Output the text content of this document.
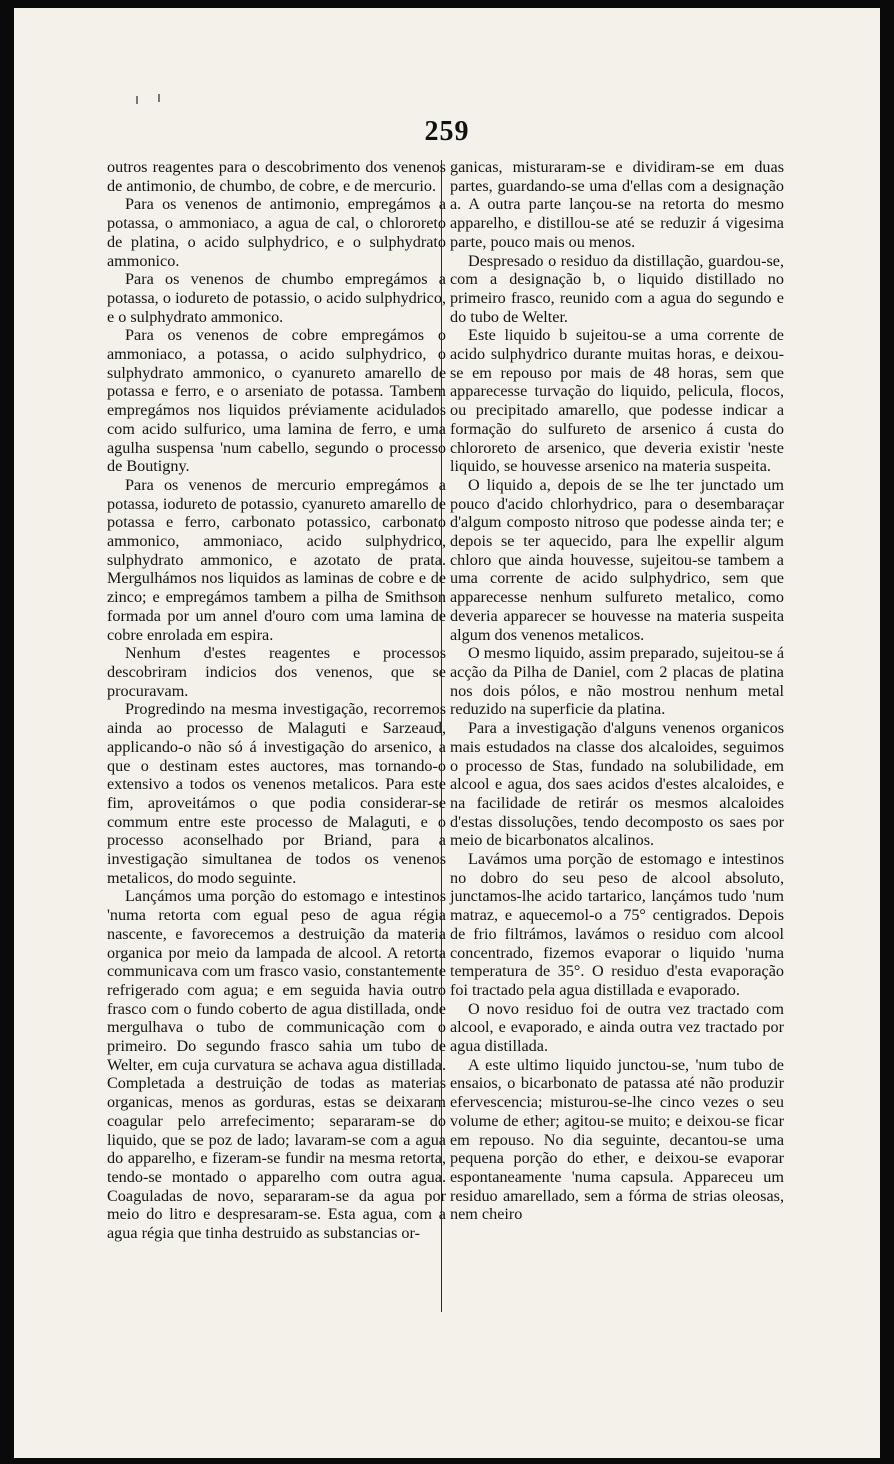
259

outros reagentes para o descobrimento dos venenos de antimonio, de chumbo, de cobre, e de mercurio.

Para os venenos de antimonio, empregámos a potassa, o ammoniaco, a agua de cal, o chlororeto de platina, o acido sulphydrico, e o sulphydrato ammonico.

Para os venenos de chumbo empregámos a potassa, o iodureto de potassio, o acido sulphydrico, e o sulphydrato ammonico.

Para os venenos de cobre empregámos o ammoniaco, a potassa, o acido sulphydrico, o sulphydrato ammonico, o cyanureto amarello de potassa e ferro, e o arseniato de potassa. Tambem empregámos nos liquidos préviamente acidulados com acido sulfurico, uma lamina de ferro, e uma agulha suspensa 'num cabello, segundo o processo de Boutigny.

Para os venenos de mercurio empregámos a potassa, iodureto de potassio, cyanureto amarello de potassa e ferro, carbonato potassico, carbonato ammonico, ammoniaco, acido sulphydrico, sulphydrato ammonico, e azotato de prata. Mergulhámos nos liquidos as laminas de cobre e de zinco; e empregámos tambem a pilha de Smithson formada por um annel d'ouro com uma lamina de cobre enrolada em espira.

Nenhum d'estes reagentes e processos descobriram indicios dos venenos, que se procuravam.

Progredindo na mesma investigação, recorremos ainda ao processo de Malaguti e Sarzeaud, applicando-o não só á investigação do arsenico, a que o destinam estes auctores, mas tornando-o extensivo a todos os venenos metalicos. Para este fim, aproveitámos o que podia considerar-se commum entre este processo de Malaguti, e o processo aconselhado por Briand, para a investigação simultanea de todos os venenos metalicos, do modo seguinte.

Lançámos uma porção do estomago e intestinos 'numa retorta com egual peso de agua régia nascente, e favorecemos a destruição da materia organica por meio da lampada de alcool. A retorta communicava com um frasco vasio, constantemente refrigerado com agua; e em seguida havia outro frasco com o fundo coberto de agua distillada, onde mergulhava o tubo de communicação com o primeiro. Do segundo frasco sahia um tubo de Welter, em cuja curvatura se achava agua distillada. Completada a destruição de todas as materias organicas, menos as gorduras, estas se deixaram coagular pelo arrefecimento; separaram-se do liquido, que se poz de lado; lavaram-se com a agua do apparelho, e fizeram-se fundir na mesma retorta, tendo-se montado o apparelho com outra agua. Coaguladas de novo, separaram-se da agua por meio do litro e despresaram-se. Esta agua, com a agua régia que tinha destruido as substancias or-

ganicas, misturaram-se e dividiram-se em duas partes, guardando-se uma d'ellas com a designação a. A outra parte lançou-se na retorta do mesmo apparelho, e distillou-se até se reduzir á vigesima parte, pouco mais ou menos.

Despresado o residuo da distillação, guardou-se, com a designação b, o liquido distillado no primeiro frasco, reunido com a agua do segundo e do tubo de Welter.

Este liquido b sujeitou-se a uma corrente de acido sulphydrico durante muitas horas, e deixou-se em repouso por mais de 48 horas, sem que apparecesse turvação do liquido, pelicula, flocos, ou precipitado amarello, que podesse indicar a formação do sulfureto de arsenico á custa do chlororeto de arsenico, que deveria existir 'neste liquido, se houvesse arsenico na materia suspeita.

O liquido a, depois de se lhe ter junctado um pouco d'acido chlorhydrico, para o desembaraçar d'algum composto nitroso que podesse ainda ter; e depois se ter aquecido, para lhe expellir algum chloro que ainda houvesse, sujeitou-se tambem a uma corrente de acido sulphydrico, sem que apparecesse nenhum sulfureto metalico, como deveria apparecer se houvesse na materia suspeita algum dos venenos metalicos.

O mesmo liquido, assim preparado, sujeitou-se á acção da Pilha de Daniel, com 2 placas de platina nos dois pólos, e não mostrou nenhum metal reduzido na superficie da platina.

Para a investigação d'alguns venenos organicos mais estudados na classe dos alcaloides, seguimos o processo de Stas, fundado na solubilidade, em alcool e agua, dos saes acidos d'estes alcaloides, e na facilidade de retirár os mesmos alcaloides d'estas dissoluções, tendo decomposto os saes por meio de bicarbonatos alcalinos.

Lavámos uma porção de estomago e intestinos no dobro do seu peso de alcool absoluto, junctamos-lhe acido tartarico, lançámos tudo 'num matraz, e aquecemol-o a 75° centigrados. Depois de frio filtrámos, lavámos o residuo com alcool concentrado, fizemos evaporar o liquido 'numa temperatura de 35°. O residuo d'esta evaporação foi tractado pela agua distillada e evaporado.

O novo residuo foi de outra vez tractado com alcool, e evaporado, e ainda outra vez tractado por agua distillada.

A este ultimo liquido junctou-se, 'num tubo de ensaios, o bicarbonato de patassa até não produzir efervescencia; misturou-se-lhe cinco vezes o seu volume de ether; agitou-se muito; e deixou-se ficar em repouso. No dia seguinte, decantou-se uma pequena porção do ether, e deixou-se evaporar espontaneamente 'numa capsula. Appareceu um residuo amarellado, sem a fórma de strias oleosas, nem cheiro
